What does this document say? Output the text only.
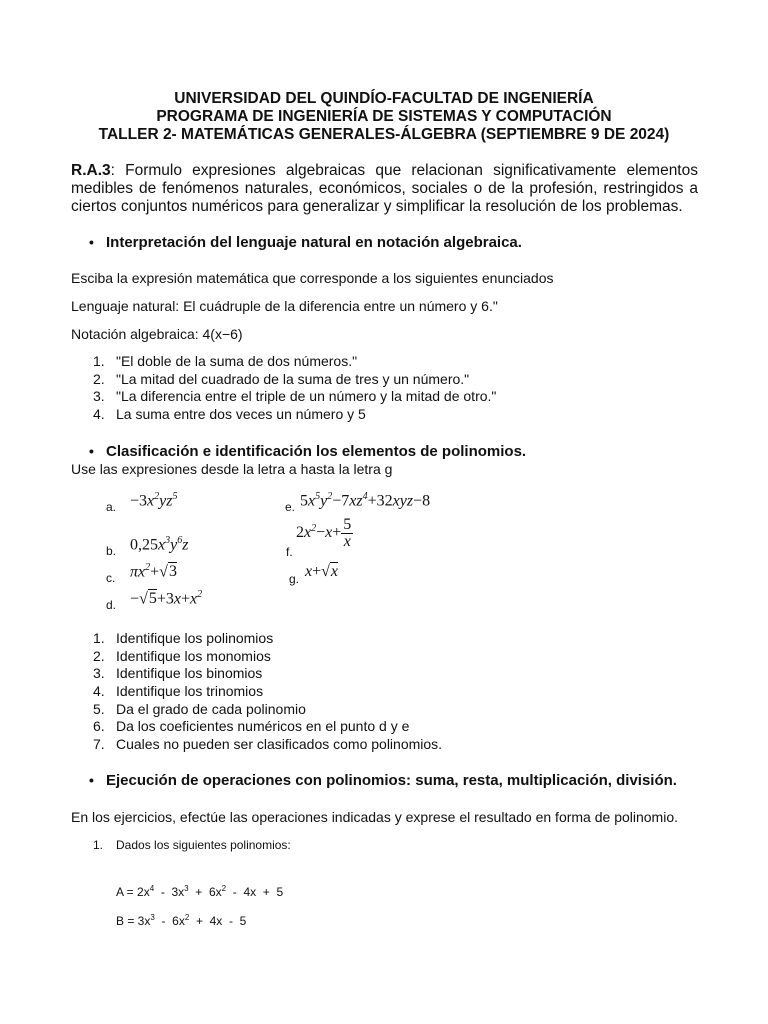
UNIVERSIDAD DEL QUINDÍO-FACULTAD DE INGENIERÍA
PROGRAMA DE INGENIERÍA DE SISTEMAS Y COMPUTACIÓN
TALLER 2- MATEMÁTICAS GENERALES-ÁLGEBRA (SEPTIEMBRE 9 DE 2024)
R.A.3: Formulo expresiones algebraicas que relacionan significativamente elementos medibles de fenómenos naturales, económicos, sociales o de la profesión, restringidos a ciertos conjuntos numéricos para generalizar y simplificar la resolución de los problemas.
• Interpretación del lenguaje natural en notación algebraica.
Esciba la expresión matemática que corresponde a los siguientes enunciados
Lenguaje natural: El cuádruple de la diferencia entre un número y 6."
Notación algebraica: 4(x−6)
1. "El doble de la suma de dos números."
2. "La mitad del cuadrado de la suma de tres y un número."
3. "La diferencia entre el triple de un número y la mitad de otro."
4. La suma entre dos veces un número y 5
• Clasificación e identificación los elementos de polinomios.
Use las expresiones desde la letra a hasta la letra g
a. $-3x^2yz^5$
b. $0,25x^3y^6z$
c. $\pi x^2+√3$
d. $-√5+3x+x^2$
e. $5x^5y^2-7xz^4+32xyz-8$
$2x^2-x+ \frac{5}{x}$
f.
g. x+√x
1. Identifique los polinomios
2. Identifique los monomios
3. Identifique los binomios
4. Identifique los trinomios
5. Da el grado de cada polinomio
6. Da los coeficientes numéricos en el punto d y e
7. Cuales no pueden ser clasificados como polinomios.
• Ejecución de operaciones con polinomios: suma, resta, multiplicación, división.
En los ejercicios, efectúe las operaciones indicadas y exprese el resultado en forma de polinomio.
1. Dados los siguientes polinomios:
$A = 2x^4 - 3x^3 + 6x^2 - 4x + 5$
$B = 3x^3 - 6x^2 + 4x - 5$
